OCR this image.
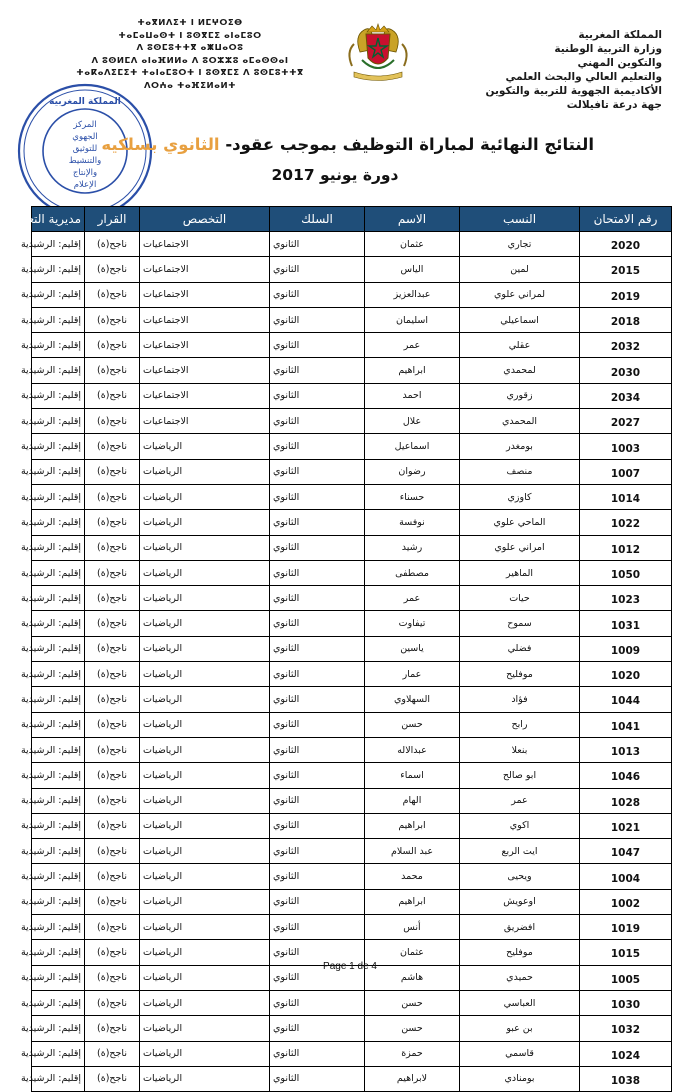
المملكة المغربية
وزارة التربية الوطنية
والتكوين المهني
والتعليم العالي والبحث العلمي
الأكاديمية الجهوية للتربية والتكوين
جهة درعة تافيلالت
ⵜⴰⴳⵍⴷⵉⵜ ⵏ ⵍⵎⵖⵔⵉⴱ
ⵜⴰⵎⴰⵡⴰⵙⵜ ⵏ ⵓⵙⴳⵎⵉ ⴰⵏⴰⵎⵓⵔ
ⴷ ⵓⵙⵎⵓⵜⵜⴳ ⴰⵥⵡⴰⵔⵓ
ⴷ ⵓⵙⵍⵎⴷ ⴰⵏⴰⴼⵍⵍⴰ ⴷ ⵓⵔⵣⵣⵓ ⴰⵎⴰⵙⵙⴰⵏ
ⵜⴰⴽⴰⴷⵉⵎⵉⵜ ⵜⴰⵏⴰⵎⵓⵔⵜ ⵏ ⵓⵙⴳⵎⵉ ⴷ ⵓⵙⵎⵓⵜⵜⴳ
ⴷⵔⵄⴰ ⵜⴰⴼⵉⵍⴰⵍⵜ
المملكة المغربية
المركز
الجهوي
للتوثيق
والتنشيط
والإنتاج
الإعلام
النتائج النهائية لمباراة التوظيف بموجب عقود- الثانوي بسلكيه
دورة يونيو 2017
رقم الامتحان	النسب	الاسم	السلك	التخصص	القرار	مديرية التعيين
2020	تجاري	عثمان	الثانوي	الاجتماعيات	ناجح(ة)	إقليم: الرشيدية
2015	لمين	الياس	الثانوي	الاجتماعيات	ناجح(ة)	إقليم: الرشيدية
2019	لمراني علوي	عبدالعزيز	الثانوي	الاجتماعيات	ناجح(ة)	إقليم: الرشيدية
2018	اسماعيلي	اسليمان	الثانوي	الاجتماعيات	ناجح(ة)	إقليم: الرشيدية
2032	عقلي	عمر	الثانوي	الاجتماعيات	ناجح(ة)	إقليم: الرشيدية
2030	لمحمدي	ابراهيم	الثانوي	الاجتماعيات	ناجح(ة)	إقليم: الرشيدية
2034	زقوري	احمد	الثانوي	الاجتماعيات	ناجح(ة)	إقليم: الرشيدية
2027	المحمدي	علال	الثانوي	الاجتماعيات	ناجح(ة)	إقليم: الرشيدية
1003	بومغدر	اسماعيل	الثانوي	الرياضيات	ناجح(ة)	إقليم: الرشيدية
1007	منصف	رضوان	الثانوي	الرياضيات	ناجح(ة)	إقليم: الرشيدية
1014	كاوزي	حسناء	الثانوي	الرياضيات	ناجح(ة)	إقليم: الرشيدية
1022	الماحي علوي	نوفسة	الثانوي	الرياضيات	ناجح(ة)	إقليم: الرشيدية
1012	امراني علوي	رشيد	الثانوي	الرياضيات	ناجح(ة)	إقليم: الرشيدية
1050	الماهير	مصطفى	الثانوي	الرياضيات	ناجح(ة)	إقليم: الرشيدية
1023	حيات	عمر	الثانوي	الرياضيات	ناجح(ة)	إقليم: الرشيدية
1031	سموح	تيفاوت	الثانوي	الرياضيات	ناجح(ة)	إقليم: الرشيدية
1009	فضلي	ياسين	الثانوي	الرياضيات	ناجح(ة)	إقليم: الرشيدية
1020	موفليح	عمار	الثانوي	الرياضيات	ناجح(ة)	إقليم: الرشيدية
1044	فؤاد	السهلاوي	الثانوي	الرياضيات	ناجح(ة)	إقليم: الرشيدية
1041	رابح	حسن	الثانوي	الرياضيات	ناجح(ة)	إقليم: الرشيدية
1013	بنعلا	عبدالاله	الثانوي	الرياضيات	ناجح(ة)	إقليم: الرشيدية
1046	ابو صالح	اسماء	الثانوي	الرياضيات	ناجح(ة)	إقليم: الرشيدية
1028	عمر	الهام	الثانوي	الرياضيات	ناجح(ة)	إقليم: الرشيدية
1021	اكوي	ابراهيم	الثانوي	الرياضيات	ناجح(ة)	إقليم: الرشيدية
1047	ايت الربع	عبد السلام	الثانوي	الرياضيات	ناجح(ة)	إقليم: الرشيدية
1004	ويحيى	محمد	الثانوي	الرياضيات	ناجح(ة)	إقليم: الرشيدية
1002	اوعويش	ابراهيم	الثانوي	الرياضيات	ناجح(ة)	إقليم: الرشيدية
1019	افضريق	أنس	الثانوي	الرياضيات	ناجح(ة)	إقليم: الرشيدية
1015	موفليح	عثمان	الثانوي	الرياضيات	ناجح(ة)	إقليم: الرشيدية
1005	حميدي	هاشم	الثانوي	الرياضيات	ناجح(ة)	إقليم: الرشيدية
1030	العباسي	حسن	الثانوي	الرياضيات	ناجح(ة)	إقليم: الرشيدية
1032	بن عبو	حسن	الثانوي	الرياضيات	ناجح(ة)	إقليم: الرشيدية
1024	قاسمي	حمزة	الثانوي	الرياضيات	ناجح(ة)	إقليم: الرشيدية
1038	بومنادي	لابراهيم	الثانوي	الرياضيات	ناجح(ة)	إقليم: الرشيدية
Page 1 de 4
